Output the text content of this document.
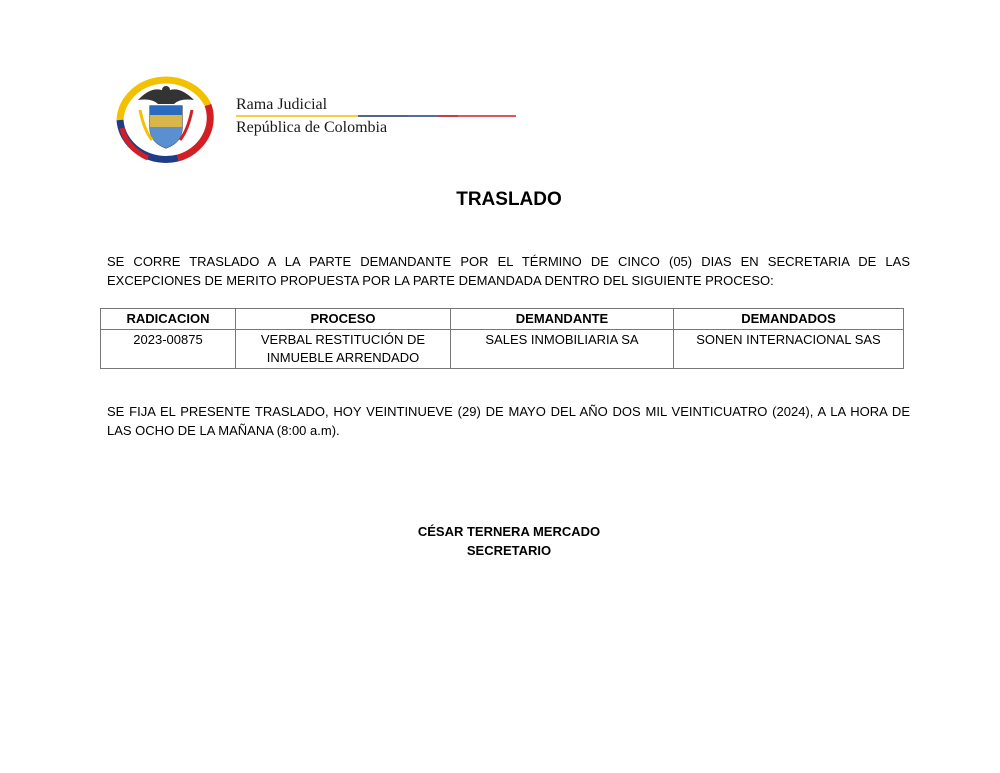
Rama Judicial
República de Colombia
TRASLADO
SE CORRE TRASLADO A LA PARTE DEMANDANTE POR EL TÉRMINO DE CINCO (05) DIAS EN SECRETARIA DE LAS EXCEPCIONES DE MERITO PROPUESTA POR LA PARTE DEMANDADA DENTRO DEL SIGUIENTE PROCESO:
RADICACION	PROCESO	DEMANDANTE	DEMANDADOS
2023-00875	VERBAL RESTITUCIÓN DE INMUEBLE ARRENDADO	SALES INMOBILIARIA SA	SONEN INTERNACIONAL SAS
SE FIJA EL PRESENTE TRASLADO, HOY VEINTINUEVE (29) DE MAYO DEL AÑO DOS MIL VEINTICUATRO (2024), A LA HORA DE LAS OCHO DE LA MAÑANA (8:00 a.m).
CÉSAR TERNERA MERCADO
SECRETARIO
